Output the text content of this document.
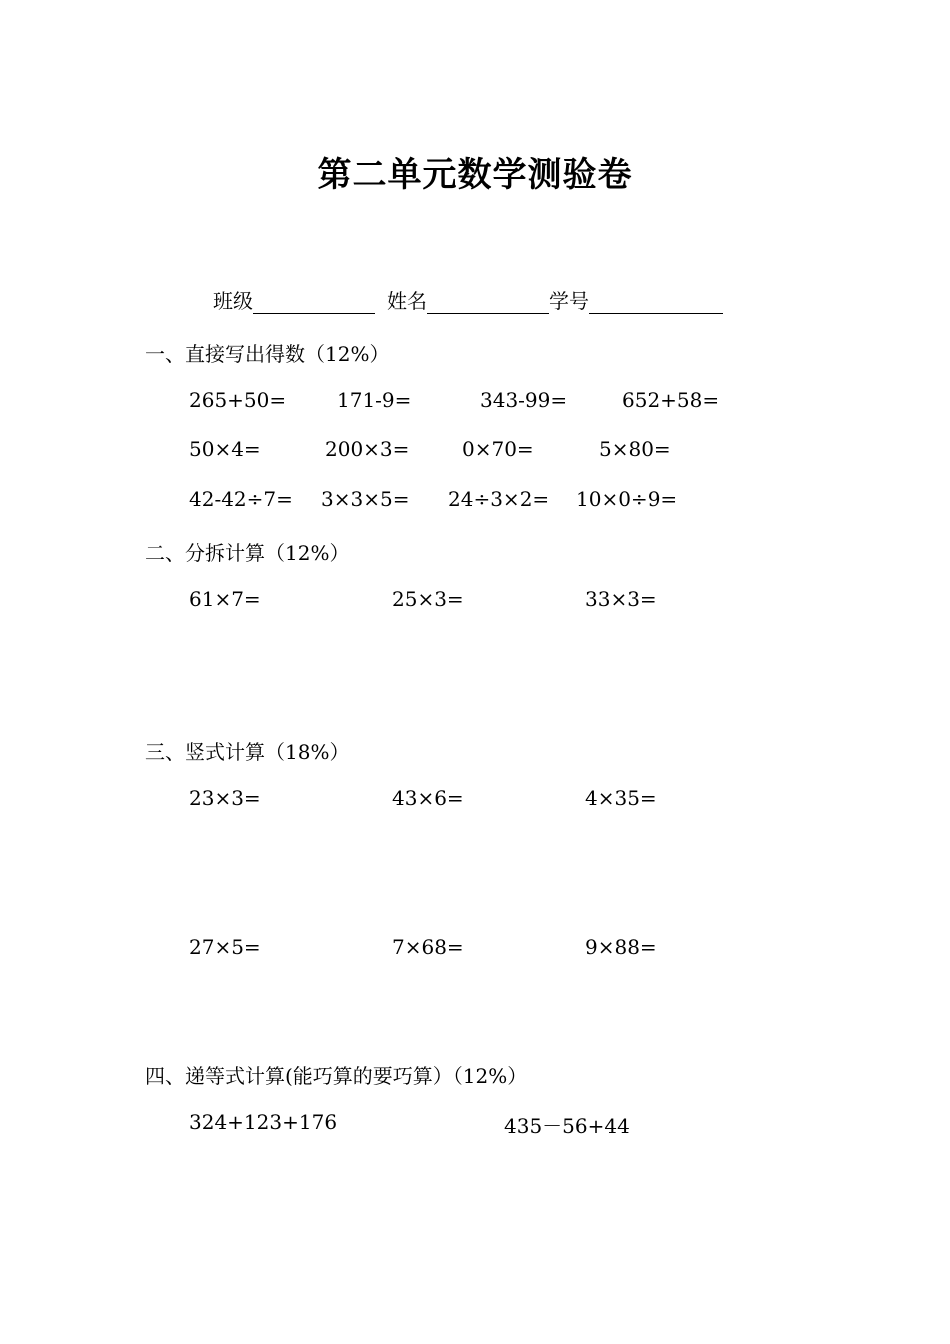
第二单元数学测验卷
班级	姓名	学号
一、直接写出得数（12%）
265+50=	171-9=	343-99=	652+58=
50×4=	200×3=	0×70=	5×80=
42-42÷7= 3×3×5= 24÷3×2= 10×0÷9=
二、分拆计算（12%）
61×7=	25×3=	33×3=
三、竖式计算（18%）
23×3=	43×6=	4×35=
27×5=	7×68=	9×88=
四、递等式计算(能巧算的要巧算）（12%）
324+123+176	435－56+44
